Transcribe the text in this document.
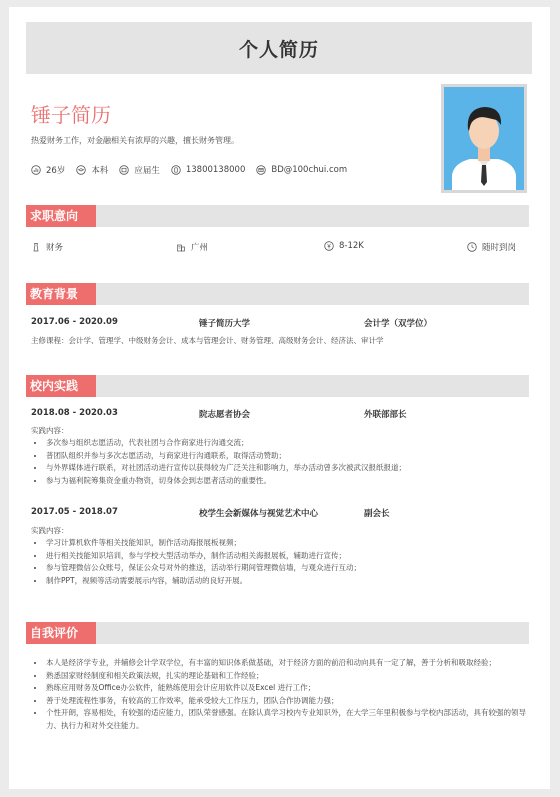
个人简历
锤子简历
热爱财务工作，对金融相关有浓厚的兴趣，擅长财务管理。
26岁	本科	应届生	13800138000	BD@100chui.com
求职意向
财务	广州	8-12K	随时到岗
教育背景
2017.06 - 2020.09	锤子简历大学	会计学（双学位）
主修课程：会计学、管理学、中级财务会计、成本与管理会计、财务管理、高级财务会计、经济法、审计学
校内实践
2018.08 - 2020.03	院志愿者协会	外联部部长
实践内容：
• 多次参与组织志愿活动，代表社团与合作商家进行沟通交流；
• 普团队组织并参与多次志愿活动，与商家进行沟通联系，取得活动赞助；
• 与外界媒体进行联系，对社团活动进行宣传以获得较为广泛关注和影响力，举办活动曾多次被武汉报纸报道；
• 参与为福利院筹集资金重办物资，切身体会到志愿者活动的重要性。
2017.05 - 2018.07	校学生会新媒体与视觉艺术中心	副会长
实践内容：
• 学习计算机软件等相关技能知识，制作活动海报展板视频；
• 进行相关技能知识培训，参与学校大型活动举办，制作活动相关海报展板，辅助进行宣传；
• 参与管理微信公众账号，保证公众号对外的推送，活动举行期间管理微信墙，与观众进行互动；
• 制作PPT，视频等活动需要展示内容，辅助活动的良好开展。
自我评价
• 本人是经济学专业，并辅修会计学双学位，有丰富的知识体系做基础，对于经济方面的前沿和动向具有一定了解，善于分析和吸取经验；
• 熟悉国家财经制度和相关政策法规，扎实的理论基础和工作经验；
• 熟练应用财务及Office办公软件，能熟练使用会计应用软件以及Excel 进行工作；
• 善于处理流程性事务，有较高的工作效率，能承受较大工作压力，团队合作协调能力强；
• 个性开朗，容易相处，有较强的适应能力，团队荣誉感强。在除认真学习校内专业知识外，在大学三年里积极参与学校内部活动，具有较强的领导力、执行力和对外交往能力。
